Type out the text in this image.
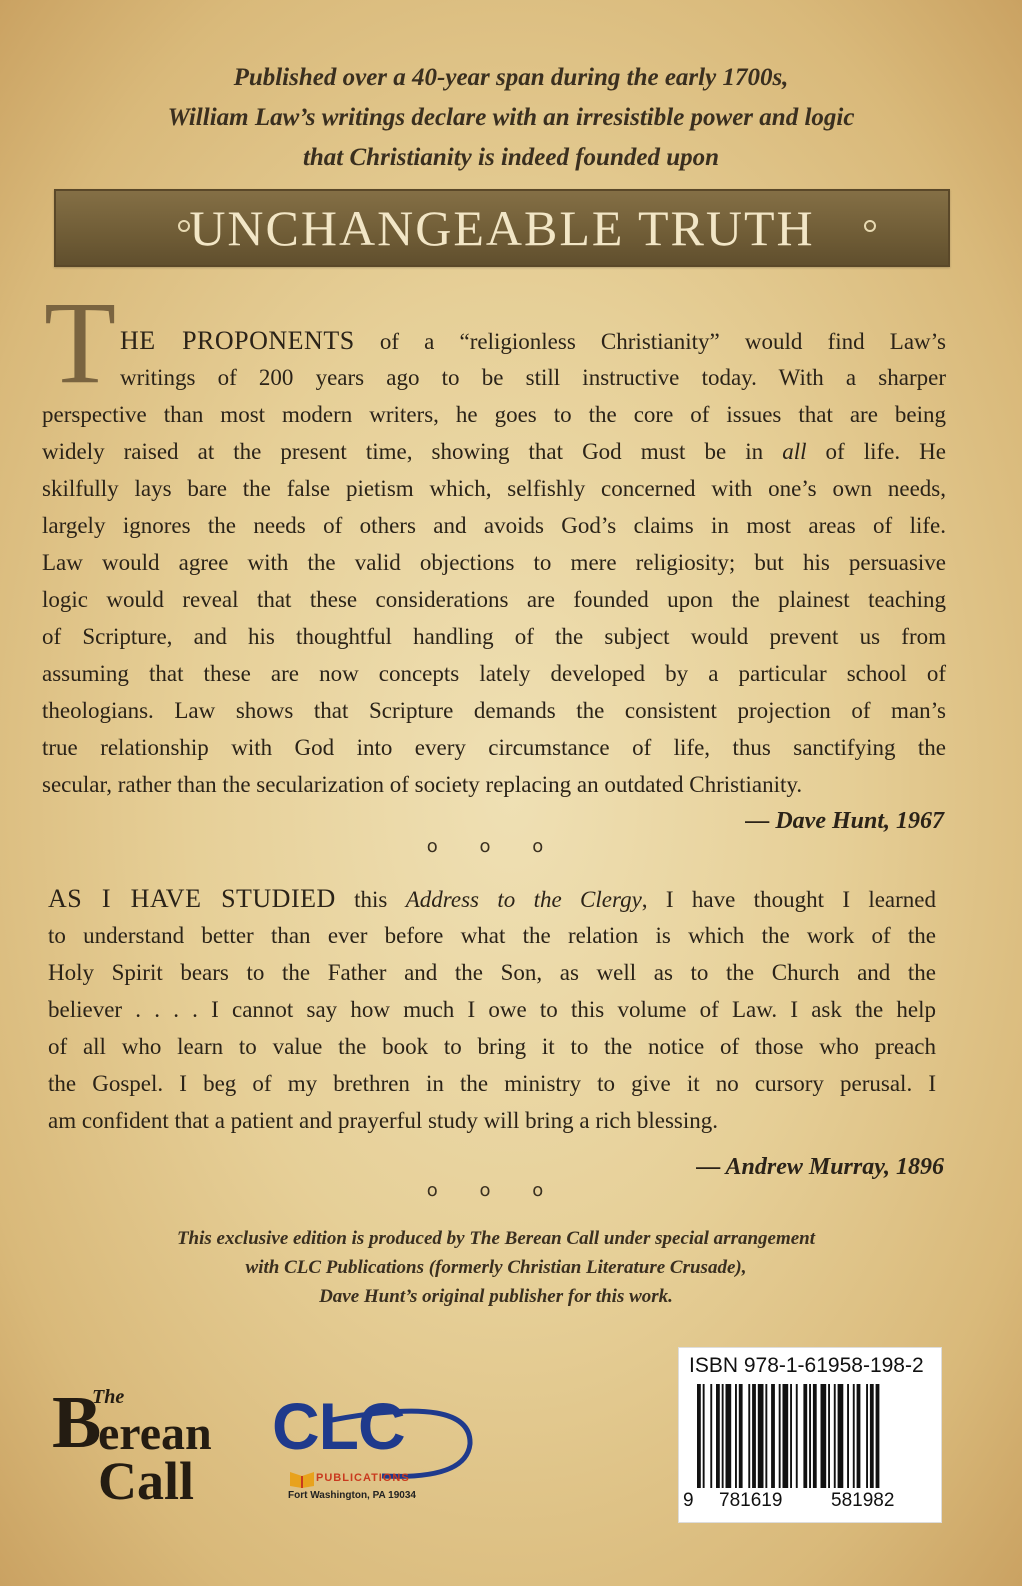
Published over a 40-year span during the early 1700s,
William Law’s writings declare with an irresistible power and logic
that Christianity is indeed founded upon
UNCHANGEABLE TRUTH
T HE PROPONENTS of a “religionless Christianity” would find Law’s
writings of 200 years ago to be still instructive today. With a sharper
perspective than most modern writers, he goes to the core of issues that are being
widely raised at the present time, showing that God must be in all of life. He
skilfully lays bare the false pietism which, selfishly concerned with one’s own needs,
largely ignores the needs of others and avoids God’s claims in most areas of life.
Law would agree with the valid objections to mere religiosity; but his persuasive
logic would reveal that these considerations are founded upon the plainest teaching
of Scripture, and his thoughtful handling of the subject would prevent us from
assuming that these are now concepts lately developed by a particular school of
theologians. Law shows that Scripture demands the consistent projection of man’s
true relationship with God into every circumstance of life, thus sanctifying the
secular, rather than the secularization of society replacing an outdated Christianity.
— Dave Hunt, 1967
o o o
AS I HAVE STUDIED this Address to the Clergy, I have thought I learned
to understand better than ever before what the relation is which the work of the
Holy Spirit bears to the Father and the Son, as well as to the Church and the
believer . . . . I cannot say how much I owe to this volume of Law. I ask the help
of all who learn to value the book to bring it to the notice of those who preach
the Gospel. I beg of my brethren in the ministry to give it no cursory perusal. I
am confident that a patient and prayerful study will bring a rich blessing.
— Andrew Murray, 1896
o o o
This exclusive edition is produced by The Berean Call under special arrangement
with CLC Publications (formerly Christian Literature Crusade),
Dave Hunt’s original publisher for this work.
B
The
erean
Call
CLC
PUBLICATIONS
Fort Washington, PA 19034
ISBN 978-1-61958-198-2
9 781619	581982
